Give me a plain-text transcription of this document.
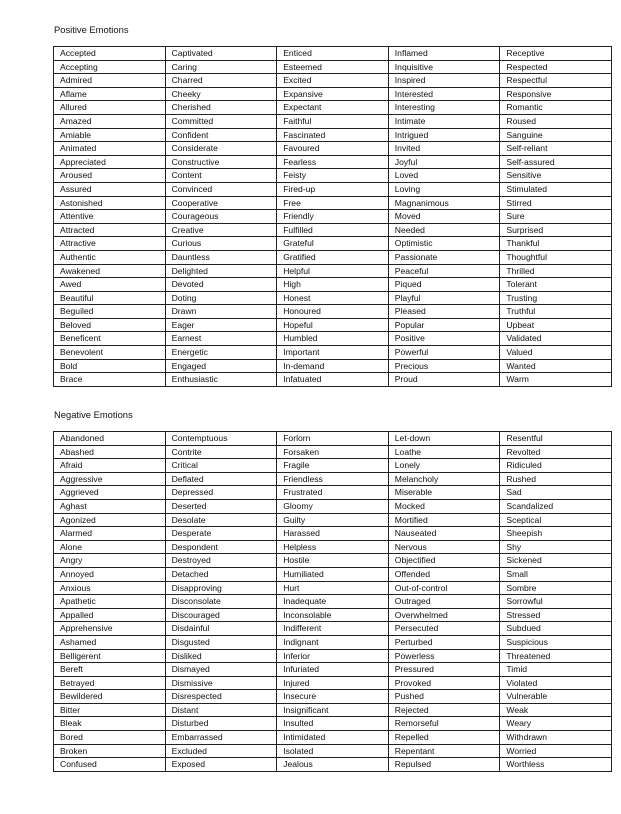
Positive Emotions
Accepted	Captivated	Enticed	Inflamed	Receptive
Accepting	Caring	Esteemed	Inquisitive	Respected
Admired	Charred	Excited	Inspired	Respectful
Aflame	Cheeky	Expansive	Interested	Responsive
Allured	Cherished	Expectant	Interesting	Romantic
Amazed	Committed	Faithful	Intimate	Roused
Amiable	Confident	Fascinated	Intrigued	Sanguine
Animated	Considerate	Favoured	Invited	Self-reliant
Appreciated	Constructive	Fearless	Joyful	Self-assured
Aroused	Content	Feisty	Loved	Sensitive
Assured	Convinced	Fired-up	Loving	Stimulated
Astonished	Cooperative	Free	Magnanimous	Stirred
Attentive	Courageous	Friendly	Moved	Sure
Attracted	Creative	Fulfilled	Needed	Surprised
Attractive	Curious	Grateful	Optimistic	Thankful
Authentic	Dauntless	Gratified	Passionate	Thoughtful
Awakened	Delighted	Helpful	Peaceful	Thrilled
Awed	Devoted	High	Piqued	Tolerant
Beautiful	Doting	Honest	Playful	Trusting
Beguiled	Drawn	Honoured	Pleased	Truthful
Beloved	Eager	Hopeful	Popular	Upbeat
Beneficent	Earnest	Humbled	Positive	Validated
Benevolent	Energetic	Important	Powerful	Valued
Bold	Engaged	In-demand	Precious	Wanted
Brace	Enthusiastic	Infatuated	Proud	Warm
Negative Emotions
Abandoned	Contemptuous	Forlorn	Let-down	Resentful
Abashed	Contrite	Forsaken	Loathe	Revolted
Afraid	Critical	Fragile	Lonely	Ridiculed
Aggressive	Deflated	Friendless	Melancholy	Rushed
Aggrieved	Depressed	Frustrated	Miserable	Sad
Aghast	Deserted	Gloomy	Mocked	Scandalized
Agonized	Desolate	Guilty	Mortified	Sceptical
Alarmed	Desperate	Harassed	Nauseated	Sheepish
Alone	Despondent	Helpless	Nervous	Shy
Angry	Destroyed	Hostile	Objectified	Sickened
Annoyed	Detached	Humiliated	Offended	Small
Anxious	Disapproving	Hurt	Out-of-control	Sombre
Apathetic	Disconsolate	Inadequate	Outraged	Sorrowful
Appalled	Discouraged	Inconsolable	Overwhelmed	Stressed
Apprehensive	Disdainful	Indifferent	Persecuted	Subdued
Ashamed	Disgusted	Indignant	Perturbed	Suspicious
Belligerent	Disliked	Inferior	Powerless	Threatened
Bereft	Dismayed	Infuriated	Pressured	Timid
Betrayed	Dismissive	Injured	Provoked	Violated
Bewildered	Disrespected	Insecure	Pushed	Vulnerable
Bitter	Distant	Insignificant	Rejected	Weak
Bleak	Disturbed	Insulted	Remorseful	Weary
Bored	Embarrassed	Intimidated	Repelled	Withdrawn
Broken	Excluded	Isolated	Repentant	Worried
Confused	Exposed	Jealous	Repulsed	Worthless
